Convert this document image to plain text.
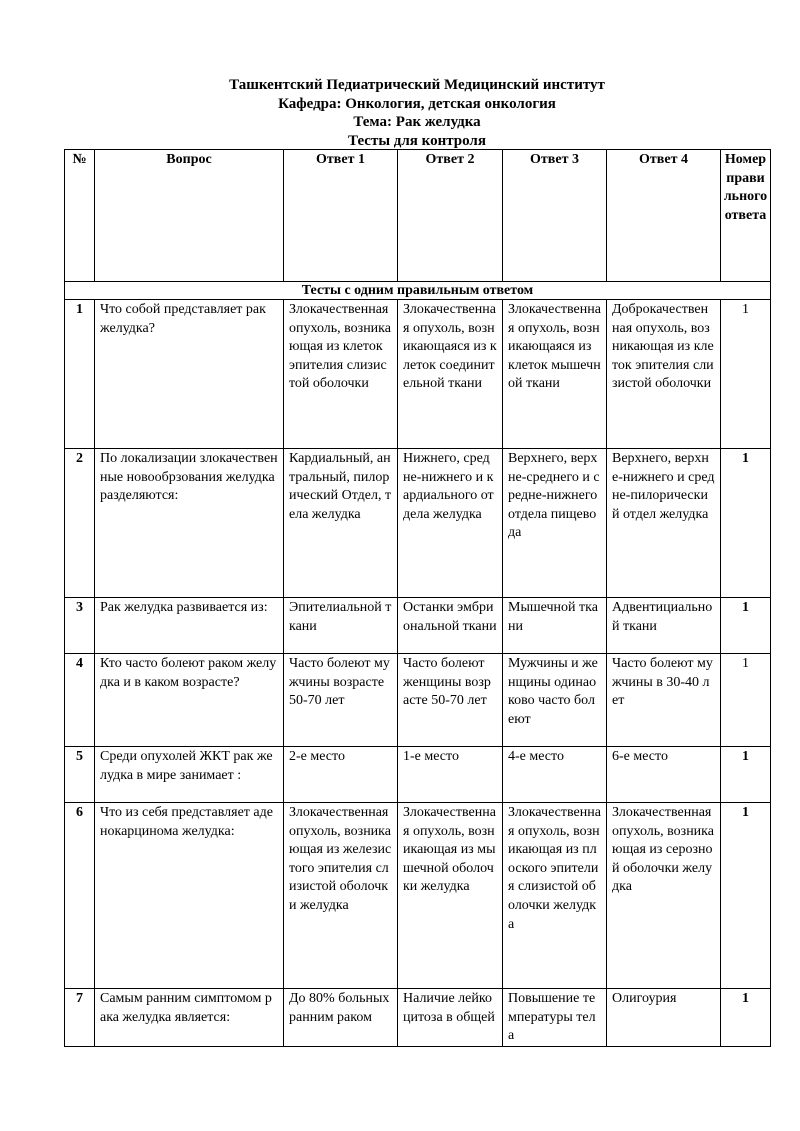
Ташкентский Педиатрический Медицинский институт
Кафедра: Онкология, детская онкология
Тема: Рак желудка
Тесты для контроля
№	Вопрос	Ответ 1	Ответ 2	Ответ 3	Ответ 4	Номер правильного ответа
Тесты с одним правильным ответом						
1	Что собой представляет рак желудка?	Злокачественная опухоль, возникающая из клеток эпителия слизистой оболочки	Злокачественная опухоль, возникающаяся из клеток соединительной ткани	Злокачественная опухоль, возникающаяся из клеток мышечной ткани	Доброкачественная опухоль, возникающая из клеток эпителия слизистой оболочки	1
2	По локализации злокачественные новообрзования желудка разделяются:	Кардиальный, антральный, пилорический Отдел, тела желудка	Нижнего, средне-нижнего и кардиального отдела желудка	Верхнего, верхне-среднего и средне-нижнего отдела пищевода	Верхнего, верхне-нижнего и средне-пилорический отдел желудка	1
3	Рак желудка развивается из:	Эпителиальной ткани	Останки эмбриональной ткани	Мышечной ткани	Адвентициальной ткани	1
4	Кто часто болеют раком желудка и в каком возрасте?	Часто болеют мужчины возрасте 50-70 лет	Часто болеют женщины возрасте 50-70 лет	Мужчины и женщины одинаоково часто болеют	Часто болеют мужчины в 30-40 лет	1
5	Среди опухолей ЖКТ рак желудка в мире занимает :	2-е место	1-е место	4-е место	6-е место	1
6	Что из себя представляет аденокарцинома желудка:	Злокачественная опухоль, возникающая из железистого эпителия слизистой оболочки желудка	Злокачественная опухоль, возникающая из мышечной оболочки желудка	Злокачественная опухоль, возникающая из плоского эпителия слизистой оболочки желудка	Злокачественная опухоль, возникающая из серозной оболочки желудка	1
7	Самым ранним симптомом рака желудка является:	До 80% больных ранним раком	Наличие лейкоцитоза в общей	Повышение температуры тела	Олигоурия	1
